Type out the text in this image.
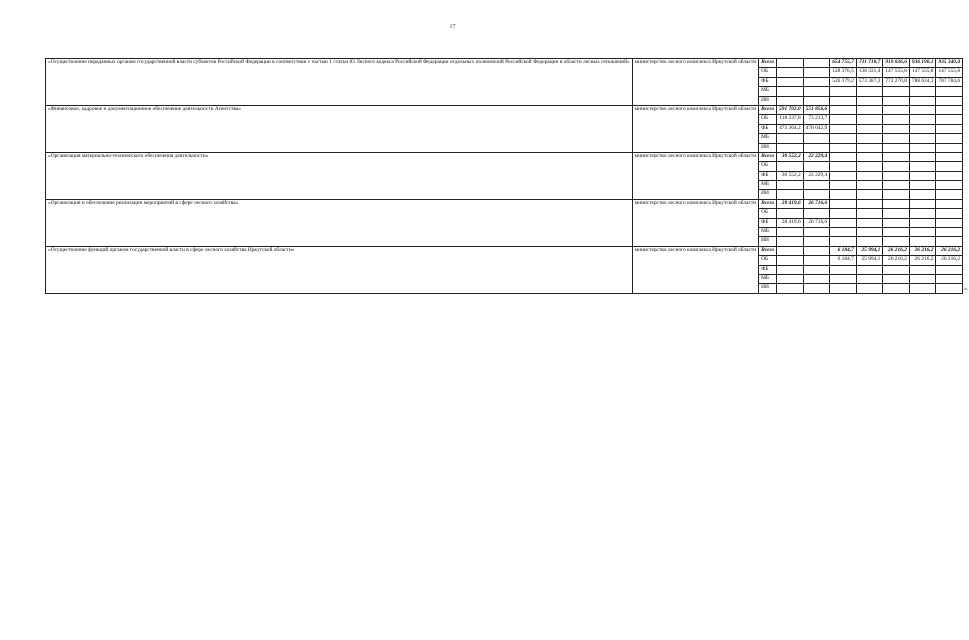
17
«Осуществление переданных органам государственной власти субъектов Российской Федерации в соответствии с частью 1 статьи 83 Лесного кодекса Российской Федерации отдельных полномочий Российской Федерации в области лесных отношений»	министерство лесного комплекса Иркутской области	Всего			654 755,7	711 718,7	919 826,6	936 190,1	935 340,4
		ОБ			128 376,5	138 331,4	147 555,8	147 555,8	147 555,8
		ФБ			526 379,2	573 387,3	772 270,8	788 634,3	787 784,6
		МБ							
		ИИ							
«Финансовое, кадровое и документационное обеспечение деятельности Агентства»	министерство лесного комплекса Иркутской области	Всего	591 702,0	551 856,6					
		ОБ	118 337,8	73 213,7					
		ФБ	473 364,2	478 642,9					
		МБ							
		ИИ							
«Организация материально-технического обеспечения деятельности»	министерство лесного комплекса Иркутской области	Всего	30 552,2	22 229,4					
		ОБ							
		ФБ	30 552,2	22 229,4					
		МБ							
		ИИ							
«Организация и обеспечение реализации мероприятий в сфере лесного хозяйства»	министерство лесного комплекса Иркутской области	Всего	28 419,6	26 716,6					
		ОБ							
		ФБ	28 419,6	26 716,6					
		МБ							
		ИИ							
«Осуществление функций органом государственной власти в сфере лесного хозяйства Иркутской области»	министерство лесного комплекса Иркутской области	Всего			6 184,7	25 994,1	26 216,2	26 216,2	26 216,2
		ОБ			6 184,7	25 994,1	26 216,2	26 216,2	26 216,2
		ФБ							
		МБ							
		ИИ								».
